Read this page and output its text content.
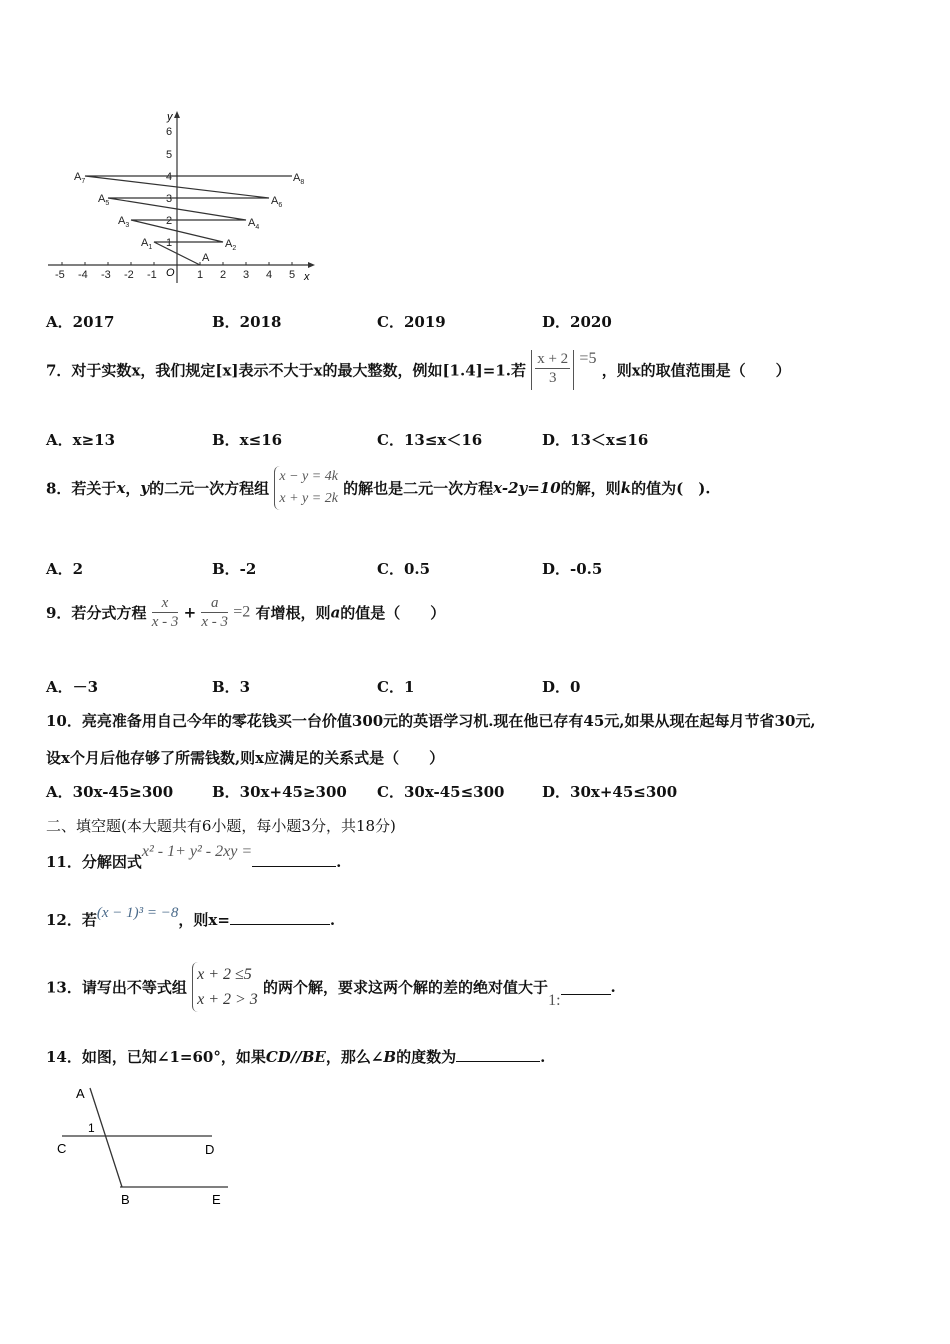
x
y
O
-5 -4 -3 -2 -1	1 2 3 4 5
1
2
3
4
5
6
A
$A_1$	$A_2$
$A_3$	$A_4$
$A_5$	$A_6$
$A_7$	$A_8$
A．2017	B．2018	C．2019	D．2020
7．对于实数x，我们规定[x]表示不大于x的最大整数，例如[1.4]=1.若 $\frac{x + 2}{3} =5$ ，则x的取值范围是（　　）
A．x≥13	B．x≤16	C．13≤x＜16	D．13＜x≤16
8．若关于x，y的二元一次方程组
x − y = 4k
x + y = 2k
的解也是二元一次方程x-2y=10的解，则k的值为(　).
A．2	B．-2	C．0.5	D．-0.5
9．若分式方程 $\frac{x}{x - 3} + \frac{a}{x - 3} =2$ 有增根，则a的值是（　　）
A．－3	B．3	C．1	D．0
10．亮亮准备用自己今年的零花钱买一台价值300元的英语学习机.现在他已存有45元,如果从现在起每月节省30元,
设x个月后他存够了所需钱数,则x应满足的关系式是（　　）
A．30x-45≥300	B．30x+45≥300 C．30x-45≤300	D．30x+45≤300
二、填空题(本大题共有6小题，每小题3分，共18分)
11．分解因式x² - 1+ y² - 2xy =.
12．若(x − 1)³ = −8，则x=	.
13．请写出不等式组
x + 2 ≤5
x + 2 > 3
的两个解，要求这两个解的差的绝对值大于1:.
14．如图，已知∠1=60°，如果CD//BE，那么∠B的度数为	.
A
1
C	D
B	E
